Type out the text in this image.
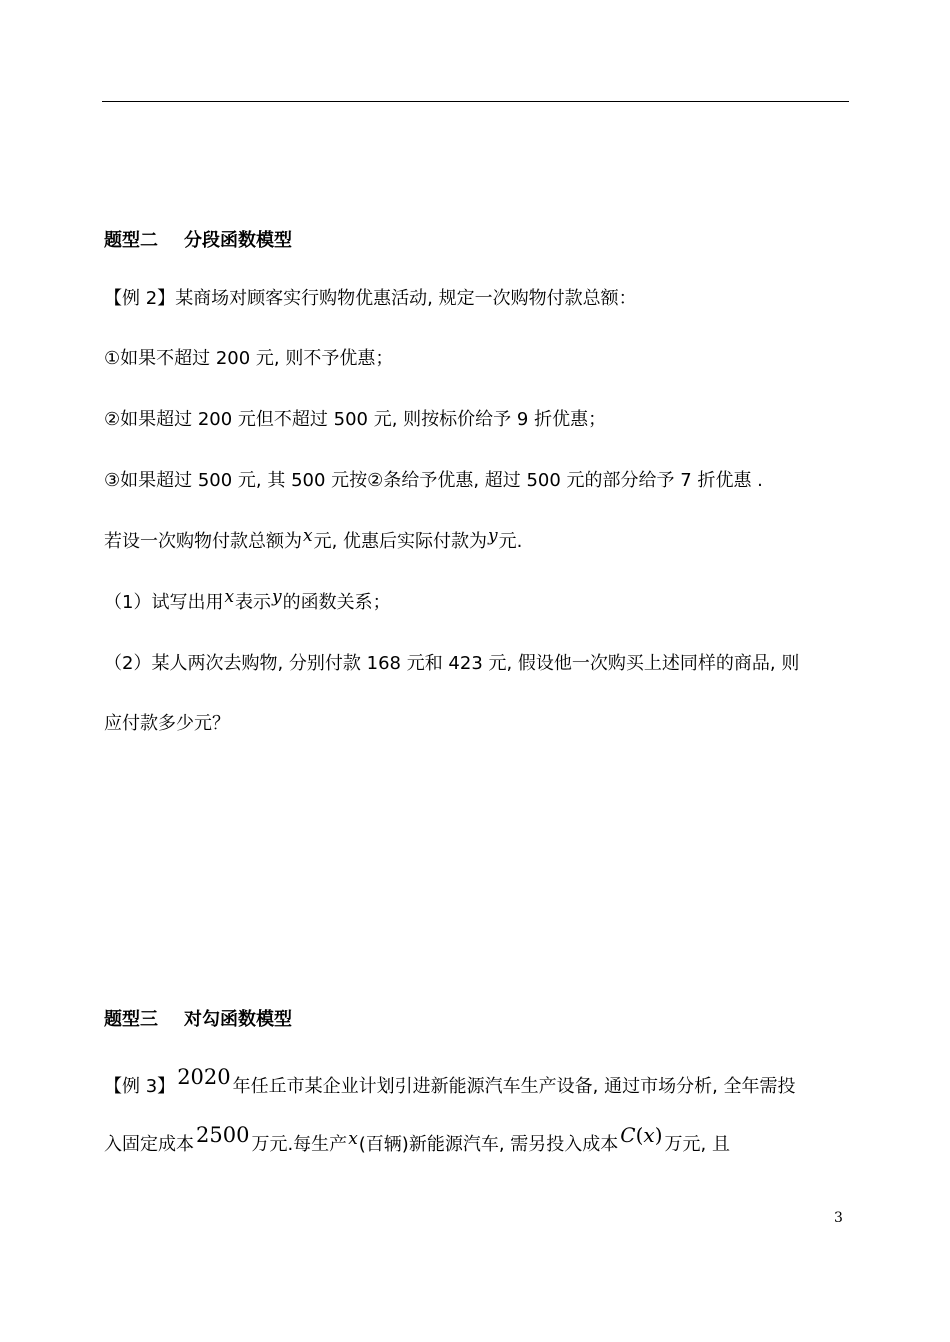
题型二 分段函数模型
【例 2】某商场对顾客实行购物优惠活动, 规定一次购物付款总额：
①如果不超过 200 元, 则不予优惠；
②如果超过 200 元但不超过 500 元, 则按标价给予 9 折优惠；
③如果超过 500 元, 其 500 元按②条给予优惠, 超过 500 元的部分给予 7 折优惠 .
若设一次购物付款总额为x元, 优惠后实际付款为y元.
（1）试写出用x表示y的函数关系；
（2）某人两次去购物, 分别付款 168 元和 423 元, 假设他一次购买上述同样的商品, 则
应付款多少元？
题型三 对勾函数模型
【例 3】2020 年任丘市某企业计划引进新能源汽车生产设备, 通过市场分析, 全年需投
入固定成本2500 万元.每生产x(百辆)新能源汽车, 需另投入成本 C(x) 万元, 且
3
